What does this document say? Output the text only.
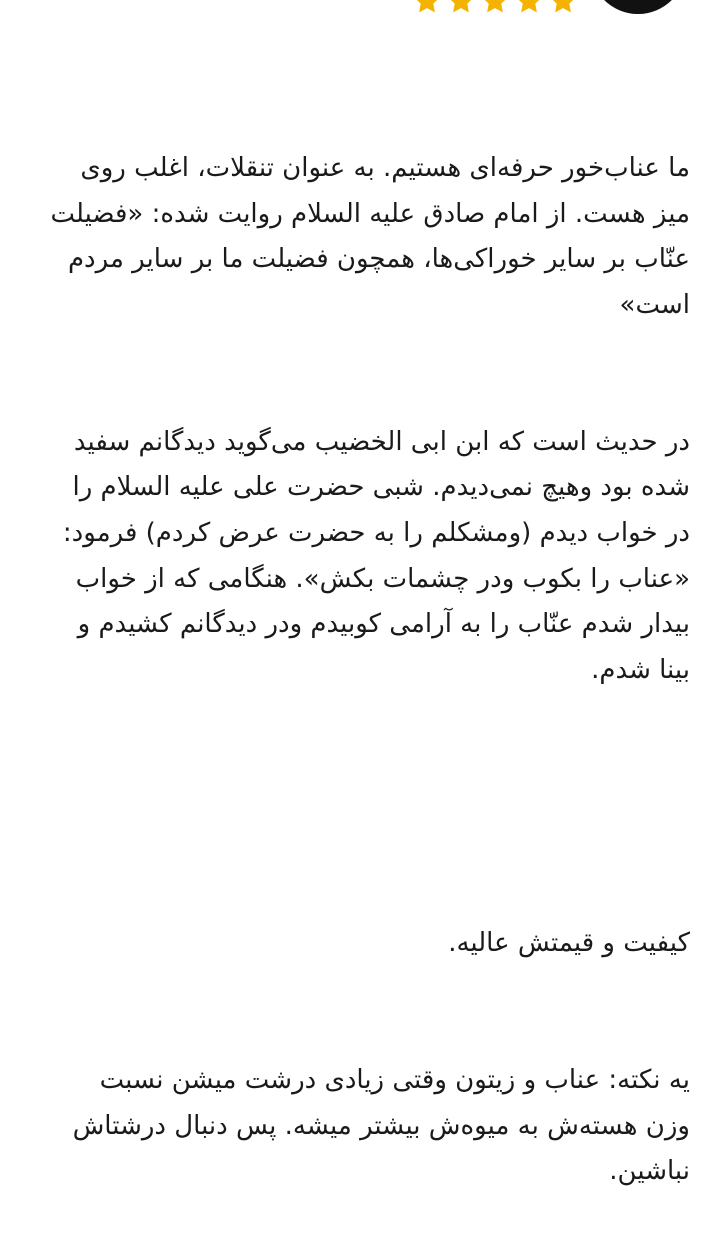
ما عناب‌خور حرفه‌ای هستیم. به عنوان تنقلات، اغلب روی
میز هست. از امام صادق علیه السلام روایت شده: «فضیلت
عنّاب بر سایر خوراکی‌ها، همچون فضیلت ما بر سایر مردم
است»

در حدیث است که ابن ابی الخضیب می‌گوید دیدگانم سفید
شده بود وهیچ نمی‌دیدم. شبی حضرت علی علیه السلام را
در خواب دیدم (ومشکلم را به حضرت عرض کردم) فرمود:
«عناب را بکوب ودر چشمات بکش». هنگامی که از خواب
بیدار شدم عنّاب را به آرامی کوبیدم ودر دیدگانم کشیدم و
بینا شدم.

کیفیت و قیمتش عالیه.

یه نکته: عناب و زیتون وقتی زیادی درشت میشن نسبت
وزن هسته‌ش به میوه‌ش بیشتر میشه. پس دنبال درشتاش
نباشین.
